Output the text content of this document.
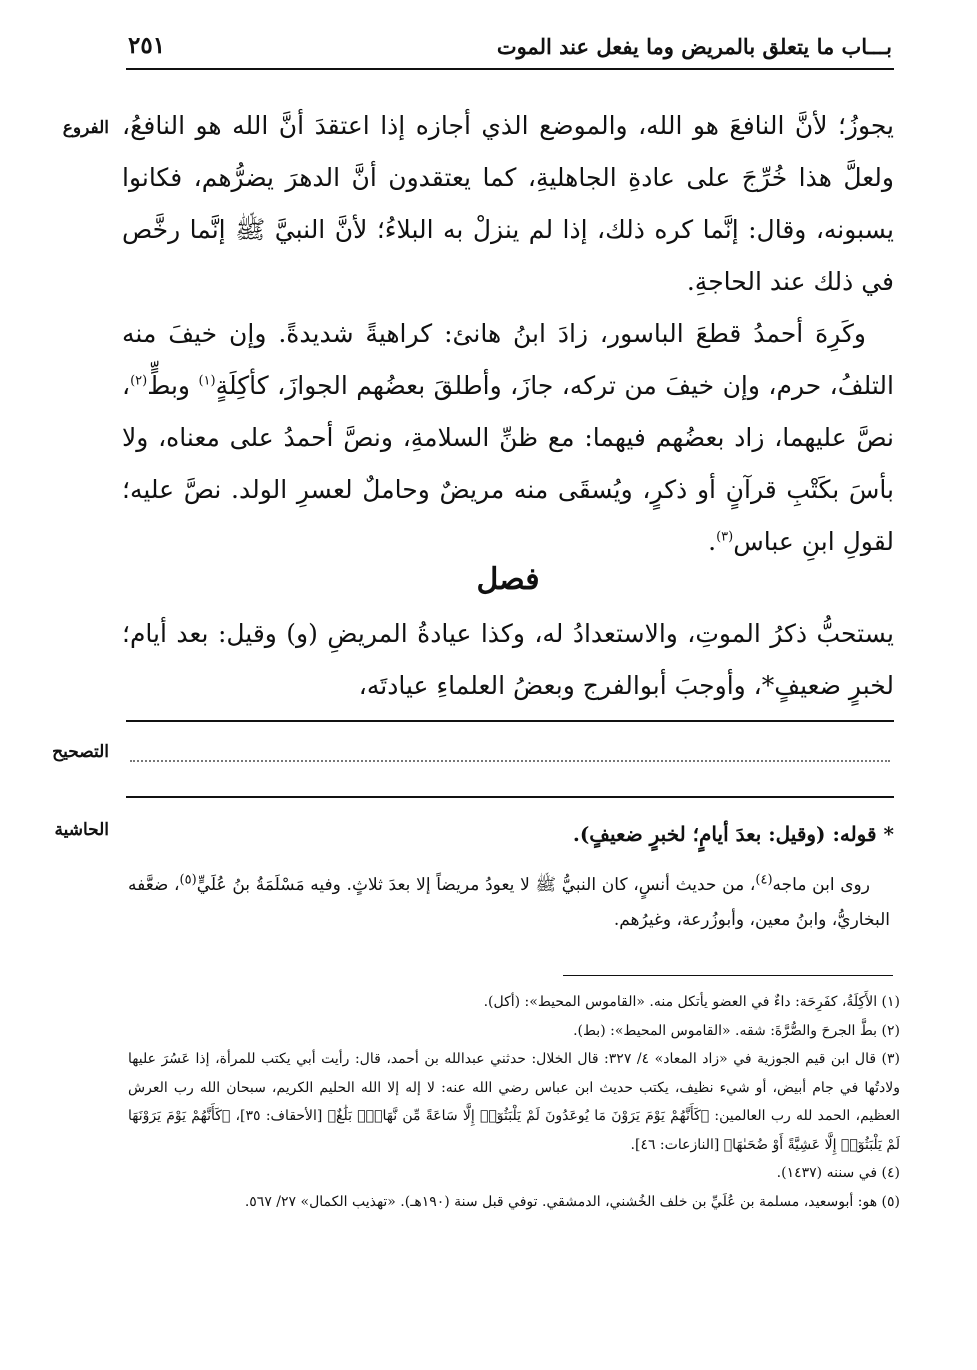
بـــاب ما يتعلق بالمريض وما يفعل عند الموت
٢٥١
الفروع يجوزُ؛ لأنَّ النافعَ هو الله، والموضع الذي أجازه إذا اعتقدَ أنَّ الله هو النافعُ، ولعلَّ هذا خُرِّجَ على عادةِ الجاهليةِ، كما يعتقدون أنَّ الدهرَ يضرُّهم، فكانوا يسبونه، وقال: إنَّما كره ذلك، إذا لم ينزلْ به البلاءُ؛ لأنَّ النبيَّ ﷺ إنَّما رخَّص في ذلك عند الحاجةِ.

وكَرِهَ أحمدُ قطعَ الباسور، زادَ ابنُ هانئ: كراهيةً شديدةً. وإن خيفَ منه التلفُ، حرم، وإن خيفَ من تركه، جازَ، وأطلقَ بعضُهم الجوازَ، كأكِلَةٍ$^{(١)}$ وبطٍّ$^{(٢)}$، نصَّ عليهما، زاد بعضُهم فيهما: مع ظنِّ السلامةِ، ونصَّ أحمدُ على معناه، ولا بأسَ بكَتْبِ قرآنٍ أو ذكرٍ، ويُسقَى منه مريضٌ وحاملٌ لعسرِ الولد. نصَّ عليه؛ لقولِ ابنِ عباس$^{(٣)}$.

فصل

يستحبُّ ذكرُ الموتِ، والاستعدادُ له، وكذا عيادةُ المريضِ (و) وقيل: بعد أيام؛ لخبرٍ ضعيفٍ*، وأوجبَ أبوالفرج وبعضُ العلماءِ عيادتَه،

التصحيح
الحاشية	* قوله: (وقيل: بعدَ أيامٍ؛ لخبرٍ ضعيفٍ).
روى ابن ماجه$^{(٤)}$، من حديث أنسٍ، كان النبيُّ ﷺ لا يعودُ مريضاً إلا بعدَ ثلاثٍ. وفيه مَسْلَمَةُ بنُ عُلَيٍّ$^{(٥)}$، ضعَّفه البخاريُّ، وابنُ معين، وأبوزُرعة، وغيرُهم.

(١) الأَكِلَةُ، كفَرِحَة: داءٌ في العضو يأتكل منه. «القاموس المحيط»: (أكل).

(٢) بطَّ الجرحَ والصُّرَّةَ: شقه. «القاموس المحيط»: (بط).

(٣) قال ابن قيم الجوزية في «زاد المعاد» ٤/ ٣٢٧: قال الخلال: حدثني عبدالله بن أحمد، قال: رأيت أبي يكتب للمرأة، إذا عَسُرَ عليها ولادتُها في جام أبيض، أو شيء نظيف، يكتب حديث ابن عباس رضي الله عنه: لا إله إلا الله الحليم الكريم، سبحان الله رب العرش العظيم، الحمد لله رب العالمين: ﴿كَأَنَّهُمْ يَوْمَ يَرَوْنَ مَا يُوعَدُونَ لَمْ يَلْبَثُوٓا۟ إِلَّا سَاعَةً مِّن نَّهَارٍۭ بَلَٰغٌ﴾ [الأحقاف: ٣٥]، ﴿كَأَنَّهُمْ يَوْمَ يَرَوْنَهَا لَمْ يَلْبَثُوٓا۟ إِلَّا عَشِيَّةً أَوْ ضُحَىٰهَا﴾ [النازعات: ٤٦].

(٤) في سننه (١٤٣٧).

(٥) هو: أبوسعيد، مسلمة بن عُلَيِّ بن خلف الخُشني، الدمشقي. توفي قبل سنة (١٩٠هـ). «تهذيب الكمال» ٢٧/ ٥٦٧.
